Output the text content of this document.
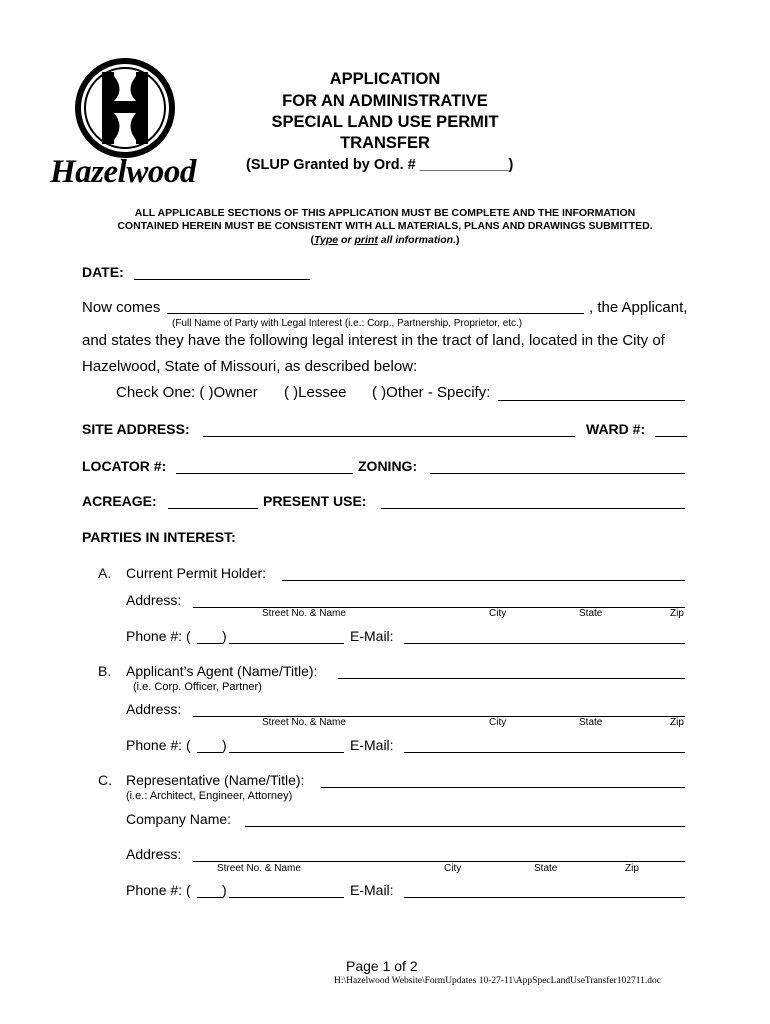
Hazelwood
APPLICATION
FOR AN ADMINISTRATIVE
SPECIAL LAND USE PERMIT
TRANSFER
(SLUP Granted by Ord. # ___________)
ALL APPLICABLE SECTIONS OF THIS APPLICATION MUST BE COMPLETE AND THE INFORMATION
CONTAINED HEREIN MUST BE CONSISTENT WITH ALL MATERIALS, PLANS AND DRAWINGS SUBMITTED.
(Type or print all information.)
DATE:
Now comes	, the Applicant,
(Full Name of Party with Legal Interest (i.e.: Corp., Partnership, Proprietor, etc.)
and states they have the following legal interest in the tract of land, located in the City of
Hazelwood, State of Missouri, as described below:
Check One: ( )Owner ( )Lessee ( )Other - Specify:
SITE ADDRESS:	WARD #:
LOCATOR #:	ZONING:
ACREAGE:	PRESENT USE:
PARTIES IN INTEREST:
A. Current Permit Holder:
Address:
Street No. & Name	City	State	Zip
Phone #: ( )	E-Mail:
B. Applicant’s Agent (Name/Title):
(i.e. Corp. Officer, Partner)
Address:
Street No. & Name	City	State	Zip
Phone #: ( )	E-Mail:
C. Representative (Name/Title):
(i.e.: Architect, Engineer, Attorney)
Company Name:
Address:
Street No. & Name	City	State	Zip
Phone #: ( )	E-Mail:
Page 1 of 2
H:\Hazelwood Website\FormUpdates 10-27-11\AppSpecLandUseTransfer102711.doc
